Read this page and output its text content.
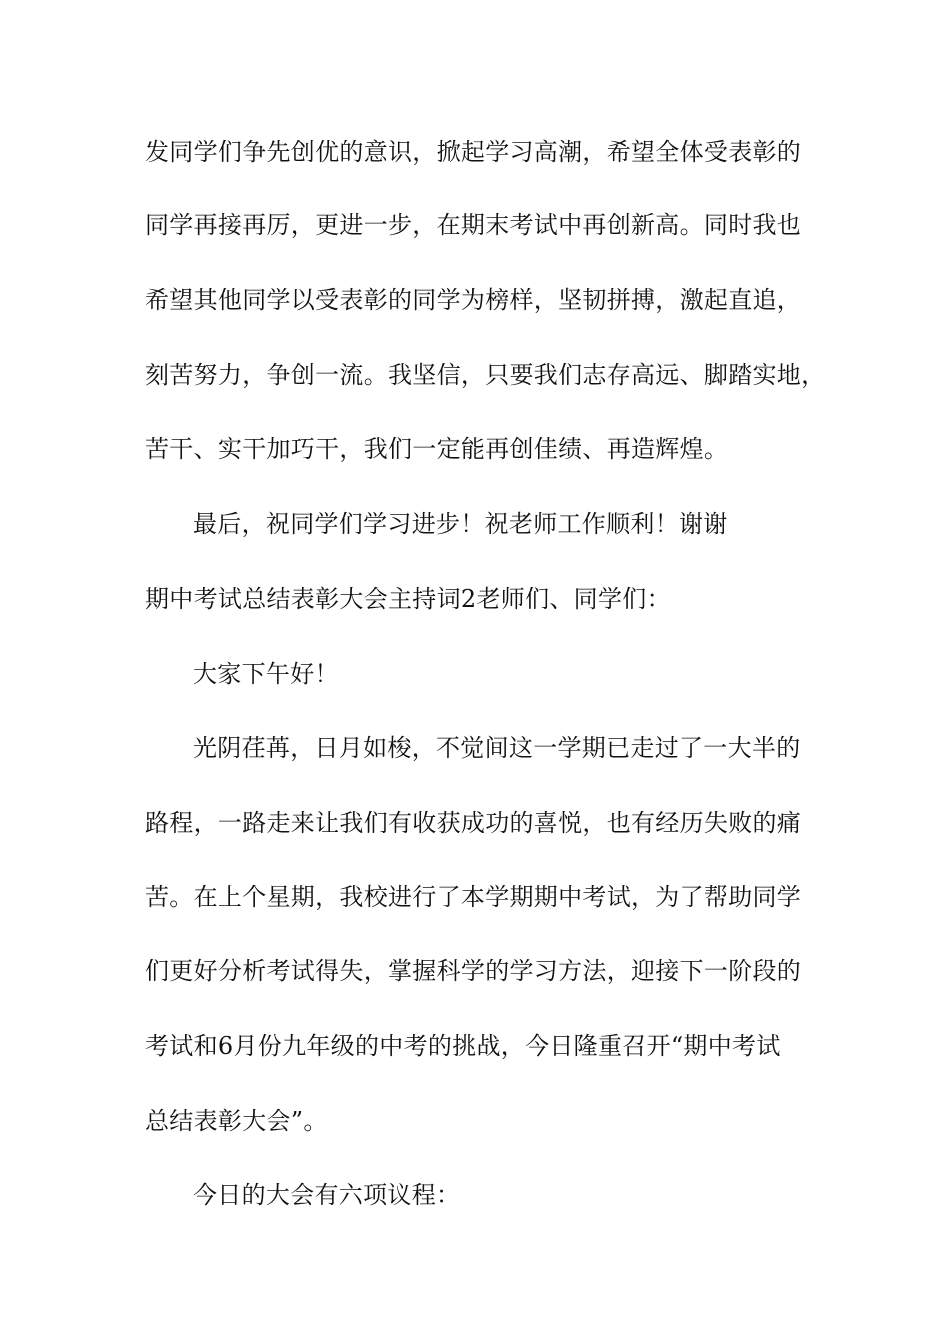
发同学们争先创优的意识，掀起学习高潮，希望全体受表彰的
同学再接再厉，更进一步，在期末考试中再创新高。同时我也
希望其他同学以受表彰的同学为榜样，坚韧拼搏，激起直追，
刻苦努力，争创一流。我坚信，只要我们志存高远、脚踏实地，
苦干、实干加巧干，我们一定能再创佳绩、再造辉煌。
最后，祝同学们学习进步！祝老师工作顺利！谢谢
期中考试总结表彰大会主持词2老师们、同学们：
大家下午好！
光阴荏苒，日月如梭，不觉间这一学期已走过了一大半的
路程，一路走来让我们有收获成功的喜悦，也有经历失败的痛
苦。在上个星期，我校进行了本学期期中考试，为了帮助同学
们更好分析考试得失，掌握科学的学习方法，迎接下一阶段的
考试和6月份九年级的中考的挑战，今日隆重召开“期中考试
总结表彰大会”。
今日的大会有六项议程：
